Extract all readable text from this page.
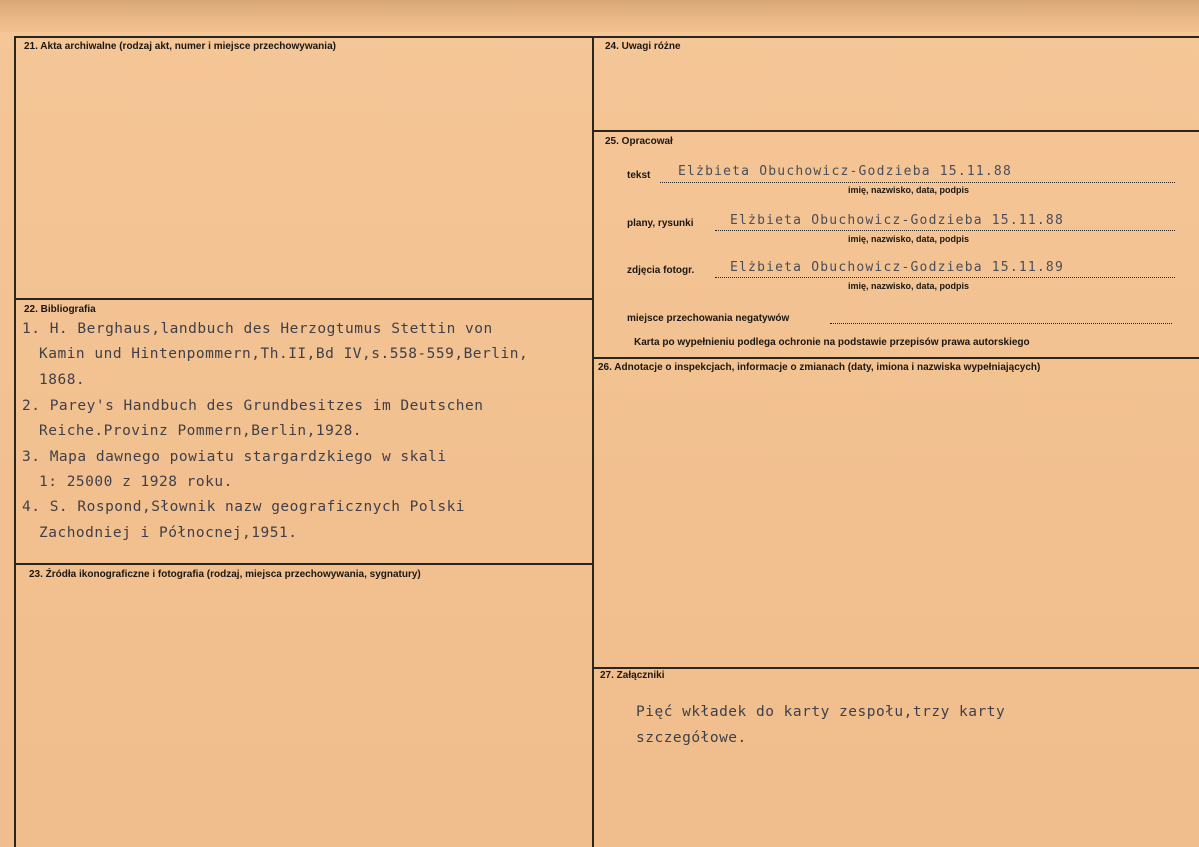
21. Akta archiwalne (rodzaj akt, numer i miejsce przechowywania)
22. Bibliografia
1. H. Berghaus,landbuch des Herzogtumus Stettin von
Kamin und Hintenpommern,Th.II,Bd IV,s.558-559,Berlin,
1868.
2. Parey's Handbuch des Grundbesitzes im Deutschen
Reiche.Provinz Pommern,Berlin,1928.
3. Mapa dawnego powiatu stargardzkiego w skali
1: 25000 z 1928 roku.
4. S. Rospond,Słownik nazw geograficznych Polski
Zachodniej i Północnej,1951.
23. Źródła ikonograficzne i fotografia (rodzaj, miejsca przechowywania, sygnatury)
24. Uwagi różne
25. Opracował
tekst Elżbieta Obuchowicz-Godzieba 15.11.88
imię, nazwisko, data, podpis
plany, rysunki	Elżbieta Obuchowicz-Godzieba 15.11.88
imię, nazwisko, data, podpis
zdjęcia fotogr.	Elżbieta Obuchowicz-Godzieba 15.11.89
imię, nazwisko, data, podpis
miejsce przechowania negatywów
Karta po wypełnieniu podlega ochronie na podstawie przepisów prawa autorskiego
26. Adnotacje o inspekcjach, informacje o zmianach (daty, imiona i nazwiska wypełniających)
27. Załączniki
Pięć wkładek do karty zespołu,trzy karty
szczegółowe.
